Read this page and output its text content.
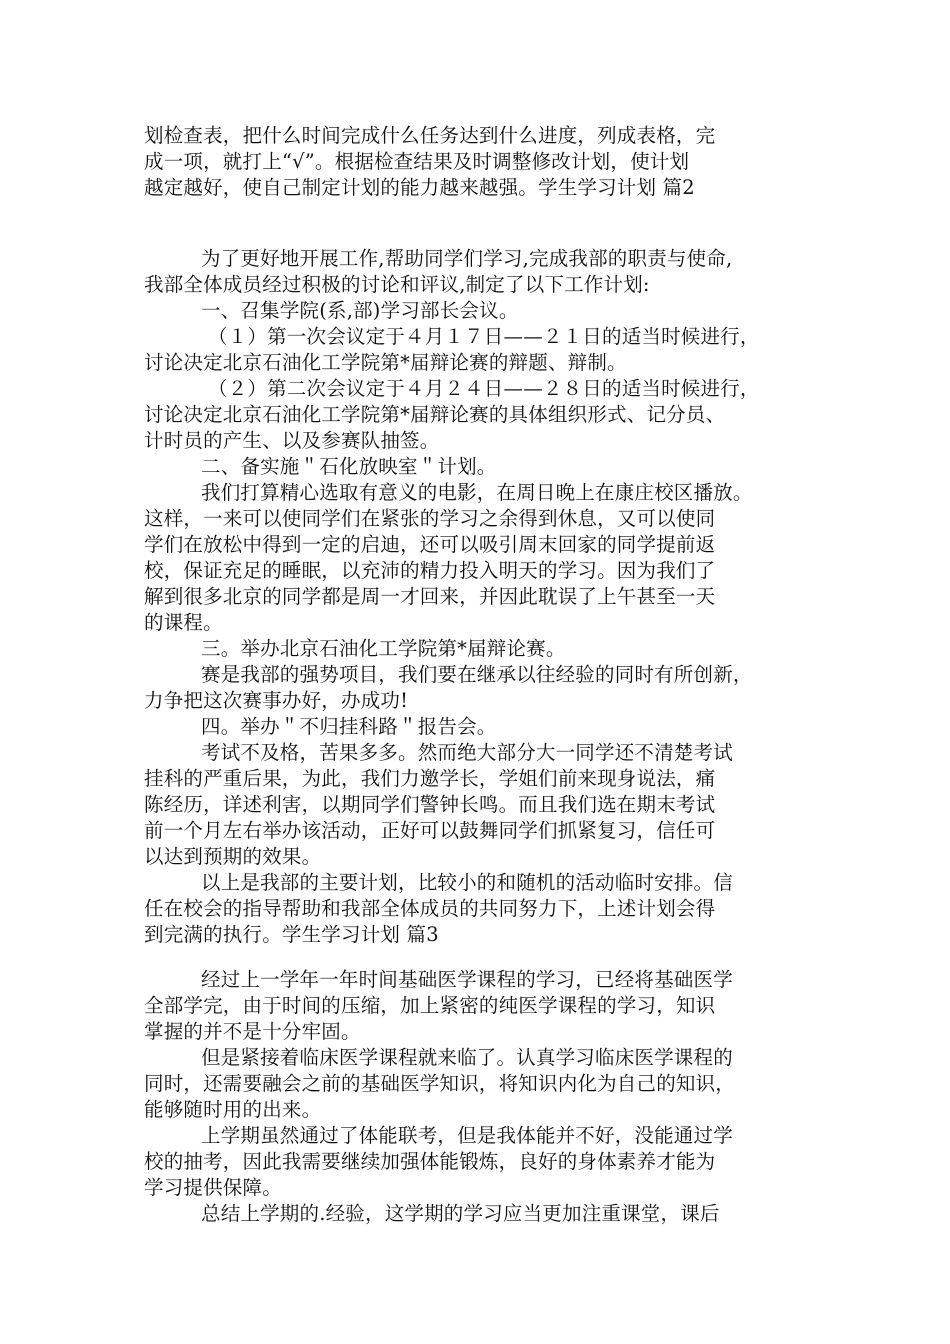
划检查表，把什么时间完成什么任务达到什么进度，列成表格，完
成一项，就打上“√”。根据检查结果及时调整修改计划，使计划
越定越好，使自己制定计划的能力越来越强。学生学习计划 篇2
为了更好地开展工作,帮助同学们学习,完成我部的职责与使命,
我部全体成员经过积极的讨论和评议,制定了以下工作计划:
一、召集学院(系,部)学习部长会议。
（１）第一次会议定于４月１７日——２１日的适当时候进行，
讨论决定北京石油化工学院第*届辩论赛的辩题、辩制。
（２）第二次会议定于４月２４日——２８日的适当时候进行，
讨论决定北京石油化工学院第*届辩论赛的具体组织形式、记分员、
计时员的产生、以及参赛队抽签。
二、备实施＂石化放映室＂计划。
我们打算精心选取有意义的电影，在周日晚上在康庄校区播放。
这样，一来可以使同学们在紧张的学习之余得到休息，又可以使同
学们在放松中得到一定的启迪，还可以吸引周末回家的同学提前返
校，保证充足的睡眠，以充沛的精力投入明天的学习。因为我们了
解到很多北京的同学都是周一才回来，并因此耽误了上午甚至一天
的课程。
三。举办北京石油化工学院第*届辩论赛。
赛是我部的强势项目，我们要在继承以往经验的同时有所创新，
力争把这次赛事办好，办成功!
四。举办＂不归挂科路＂报告会。
考试不及格，苦果多多。然而绝大部分大一同学还不清楚考试
挂科的严重后果，为此，我们力邀学长，学姐们前来现身说法，痛
陈经历，详述利害，以期同学们警钟长鸣。而且我们选在期末考试
前一个月左右举办该活动，正好可以鼓舞同学们抓紧复习，信任可
以达到预期的效果。
以上是我部的主要计划，比较小的和随机的活动临时安排。信
任在校会的指导帮助和我部全体成员的共同努力下，上述计划会得
到完满的执行。学生学习计划 篇3
经过上一学年一年时间基础医学课程的学习，已经将基础医学
全部学完，由于时间的压缩，加上紧密的纯医学课程的学习，知识
掌握的并不是十分牢固。
但是紧接着临床医学课程就来临了。认真学习临床医学课程的
同时，还需要融会之前的基础医学知识，将知识内化为自己的知识，
能够随时用的出来。
上学期虽然通过了体能联考，但是我体能并不好，没能通过学
校的抽考，因此我需要继续加强体能锻炼，良好的身体素养才能为
学习提供保障。
总结上学期的.经验，这学期的学习应当更加注重课堂，课后
